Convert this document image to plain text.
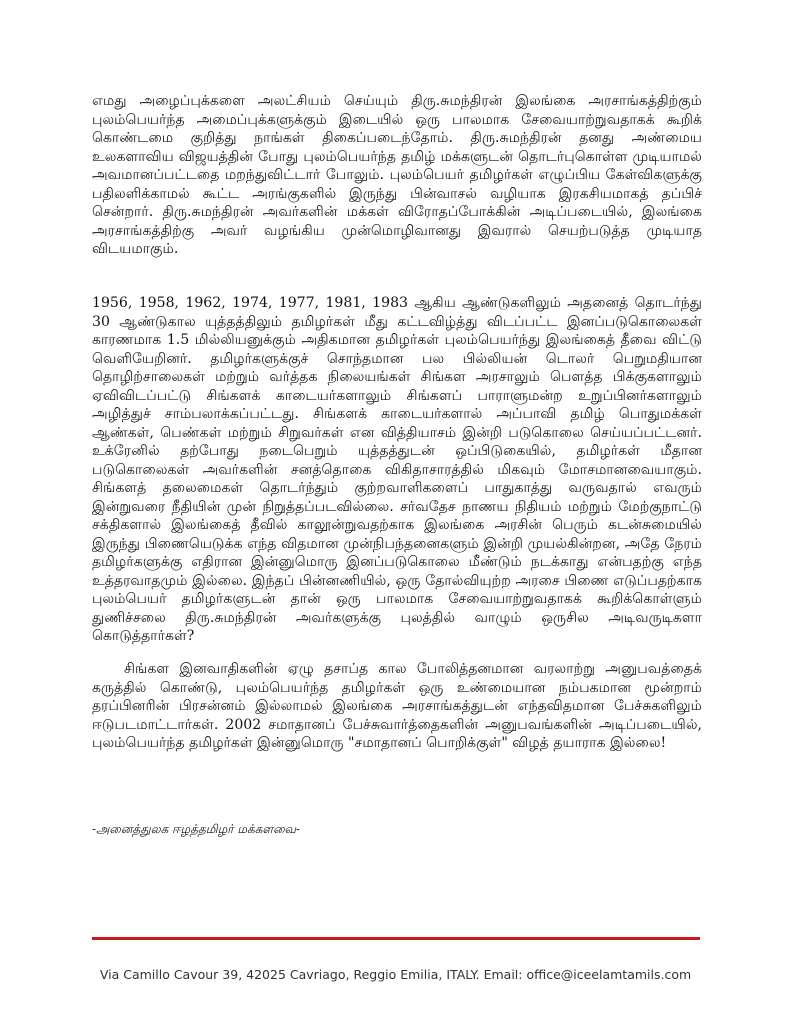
எமது அழைப்புக்களை அலட்சியம் செய்யும் திரு.சுமந்திரன் இலங்கை அரசாங்கத்திற்கும் புலம்பெயர்ந்த அமைப்புக்களுக்கும் இடையில் ஒரு பாலமாக சேவையாற்றுவதாகக் கூறிக் கொண்டமை குறித்து நாங்கள் திகைப்படைந்தோம். திரு.சுமந்திரன் தனது அண்மைய உலகளாவிய விஜயத்தின் போது புலம்பெயர்ந்த தமிழ் மக்களுடன் தொடர்புகொள்ள முடியாமல் அவமானப்பட்டதை மறந்துவிட்டார் போலும். புலம்பெயர் தமிழர்கள் எழுப்பிய கேள்விகளுக்கு பதிலளிக்காமல் கூட்ட அரங்குகளில் இருந்து பின்வாசல் வழியாக இரகசியமாகத் தப்பிச் சென்றார். திரு.சுமந்திரன் அவர்களின் மக்கள் விரோதப்போக்கின் அடிப்படையில், இலங்கை அரசாங்கத்திற்கு அவர் வழங்கிய முன்மொழிவானது இவரால் செயற்படுத்த முடியாத விடயமாகும்.

1956, 1958, 1962, 1974, 1977, 1981, 1983 ஆகிய ஆண்டுகளிலும் அதனைத் தொடர்ந்து 30 ஆண்டுகால யுத்தத்திலும் தமிழர்கள் மீது கட்டவிழ்த்து விடப்பட்ட இனப்படுகொலைகள் காரணமாக 1.5 மில்லியனுக்கும் அதிகமான தமிழர்கள் புலம்பெயர்ந்து இலங்கைத் தீவை விட்டு வெளியேறினர். தமிழர்களுக்குச் சொந்தமான பல பில்லியன் டொலர் பெறுமதியான தொழிற்சாலைகள் மற்றும் வர்த்தக நிலையங்கள் சிங்கள அரசாலும் பௌத்த பிக்குகளாலும் ஏவிவிடப்பட்டு சிங்களக் காடையர்களாலும் சிங்களப் பாராளுமன்ற உறுப்பினர்களாலும் அழித்துச் சாம்பலாக்கப்பட்டது. சிங்களக் காடையர்களால் அப்பாவி தமிழ் பொதுமக்கள் ஆண்கள், பெண்கள் மற்றும் சிறுவர்கள் என வித்தியாசம் இன்றி படுகொலை செய்யப்பட்டனர். உக்ரேனில் தற்போது நடைபெறும் யுத்தத்துடன் ஒப்பிடுகையில், தமிழர்கள் மீதான படுகொலைகள் அவர்களின் சனத்தொகை விகிதாசாரத்தில் மிகவும் மோசமானவையாகும். சிங்களத் தலைமைகள் தொடர்ந்தும் குற்றவாளிகளைப் பாதுகாத்து வருவதால் எவரும் இன்றுவரை நீதியின் முன் நிறுத்தப்படவில்லை. சர்வதேச நாணய நிதியம் மற்றும் மேற்குநாட்டு சக்திகளால் இலங்கைத் தீவில் காலூன்றுவதற்காக இலங்கை அரசின் பெரும் கடன்சுமையில் இருந்து பிணையெடுக்க எந்த விதமான முன்நிபந்தனைகளும் இன்றி முயல்கின்றன, அதே நேரம் தமிழர்களுக்கு எதிரான இன்னுமொரு இனப்படுகொலை மீண்டும் நடக்காது என்பதற்கு எந்த உத்தரவாதமும் இல்லை. இந்தப் பின்னணியில், ஒரு தோல்வியுற்ற அரசை பிணை எடுப்பதற்காக புலம்பெயர் தமிழர்களுடன் தான் ஒரு பாலமாக சேவையாற்றுவதாகக் கூறிக்கொள்ளும் துணிச்சலை திரு.சுமந்திரன் அவர்களுக்கு புலத்தில் வாழும் ஒருசில அடிவருடிகளா கொடுத்தார்கள்?

சிங்கள இனவாதிகளின் ஏழு தசாப்த கால போலித்தனமான வரலாற்று அனுபவத்தைக் கருத்தில் கொண்டு, புலம்பெயர்ந்த தமிழர்கள் ஒரு உண்மையான நம்பகமான மூன்றாம் தரப்பினரின் பிரசன்னம் இல்லாமல் இலங்கை அரசாங்கத்துடன் எந்தவிதமான பேச்சுகளிலும் ஈடுபடமாட்டார்கள். 2002 சமாதானப் பேச்சுவார்த்தைகளின் அனுபவங்களின் அடிப்படையில், புலம்பெயர்ந்த தமிழர்கள் இன்னுமொரு "சமாதானப் பொறிக்குள்" விழத் தயாராக இல்லை!

-அனைத்துலக ஈழத்தமிழர் மக்களவை-

Via Camillo Cavour 39, 42025 Cavriago, Reggio Emilia, ITALY. Email: office@iceelamtamils.com
